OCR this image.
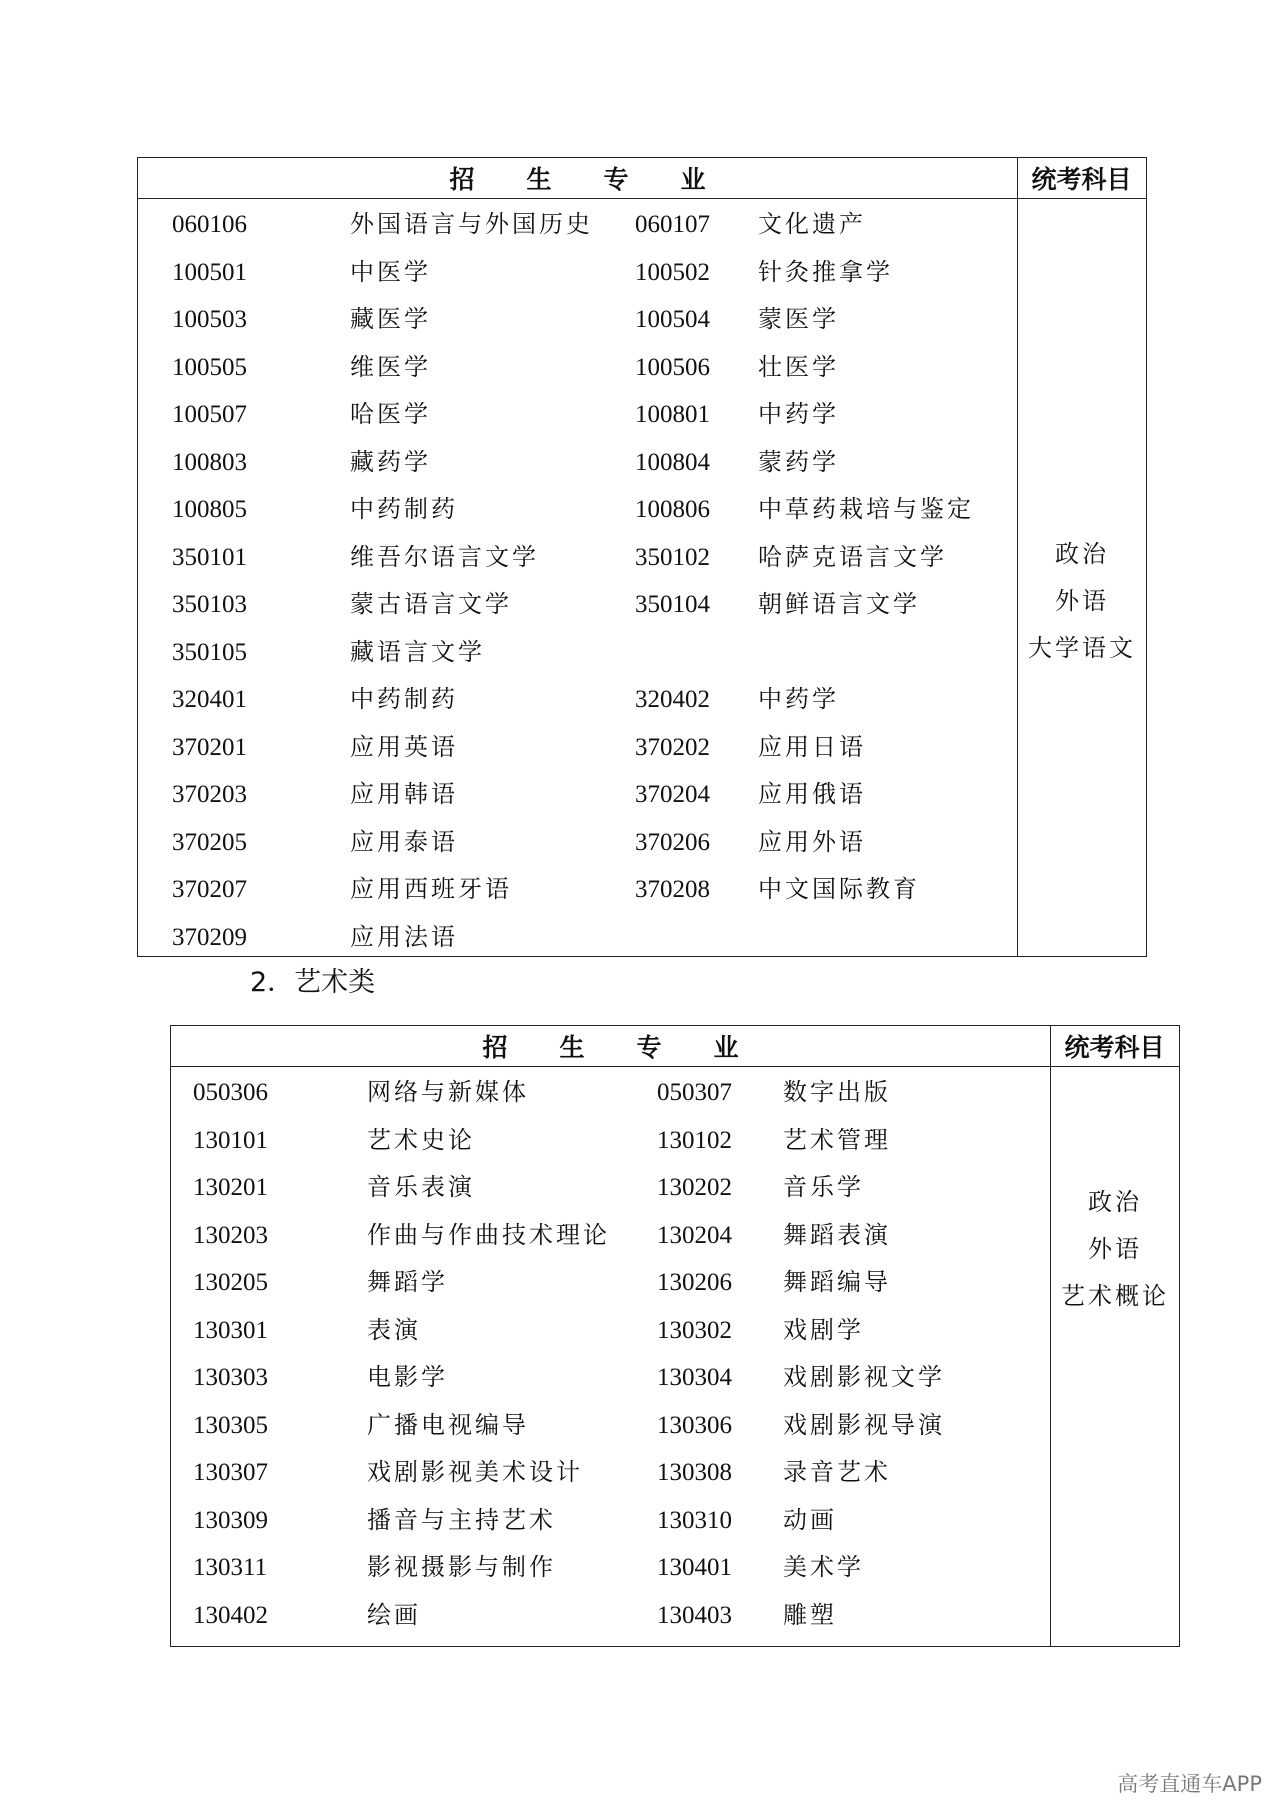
招 生 专 业	统考科目
060106	外国语言与外国历史 060107 文化遗产
100501	中医学	100502 针灸推拿学
100503	藏医学	100504 蒙医学
100505	维医学	100506 壮医学
100507	哈医学	100801 中药学
100803	藏药学	100804 蒙药学
100805	中药制药	100806 中草药栽培与鉴定
350101	维吾尔语言文学	350102 哈萨克语言文学
350103	蒙古语言文学	350104 朝鲜语言文学
350105	藏语言文学
320401	中药制药	320402 中药学
370201	应用英语	370202 应用日语
370203	应用韩语	370204 应用俄语
370205	应用泰语	370206 应用外语
370207	应用西班牙语	370208 中文国际教育
370209	应用法语
政治
外语
大学语文
2．艺术类
招 生 专 业	统考科目
050306	网络与新媒体	050307 数字出版
130101	艺术史论	130102 艺术管理
130201	音乐表演	130202 音乐学
130203	作曲与作曲技术理论 130204 舞蹈表演
130205	舞蹈学	130206 舞蹈编导
130301	表演	130302 戏剧学
130303	电影学	130304 戏剧影视文学
130305	广播电视编导	130306 戏剧影视导演
130307	戏剧影视美术设计	130308 录音艺术
130309	播音与主持艺术	130310 动画
130311	影视摄影与制作	130401 美术学
130402	绘画	130403 雕塑
政治
外语
艺术概论
高考直通车APP
